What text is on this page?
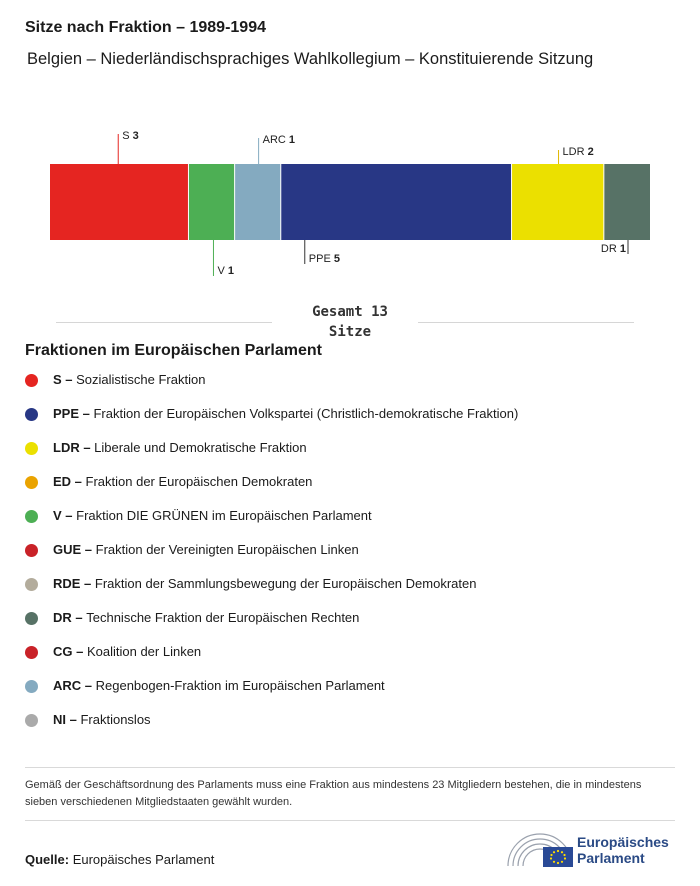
Sitze nach Fraktion – 1989-1994
Belgien – Niederländischsprachiges Wahlkollegium – Konstituierende Sitzung
S 3
V 1
ARC 1
PPE 5
LDR 2
DR 1
Gesamt 13
Sitze
Fraktionen im Europäischen Parlament
S – Sozialistische Fraktion
PPE – Fraktion der Europäischen Volkspartei (Christlich-demokratische Fraktion)
LDR – Liberale und Demokratische Fraktion
ED – Fraktion der Europäischen Demokraten
V – Fraktion DIE GRÜNEN im Europäischen Parlament
GUE – Fraktion der Vereinigten Europäischen Linken
RDE – Fraktion der Sammlungsbewegung der Europäischen Demokraten
DR – Technische Fraktion der Europäischen Rechten
CG – Koalition der Linken
ARC – Regenbogen-Fraktion im Europäischen Parlament
NI – Fraktionslos
Gemäß der Geschäftsordnung des Parlaments muss eine Fraktion aus mindestens 23 Mitgliedern bestehen, die in mindestens sieben verschiedenen Mitgliedstaaten gewählt wurden.
Quelle: Europäisches Parlament
Europäisches
Parlament
